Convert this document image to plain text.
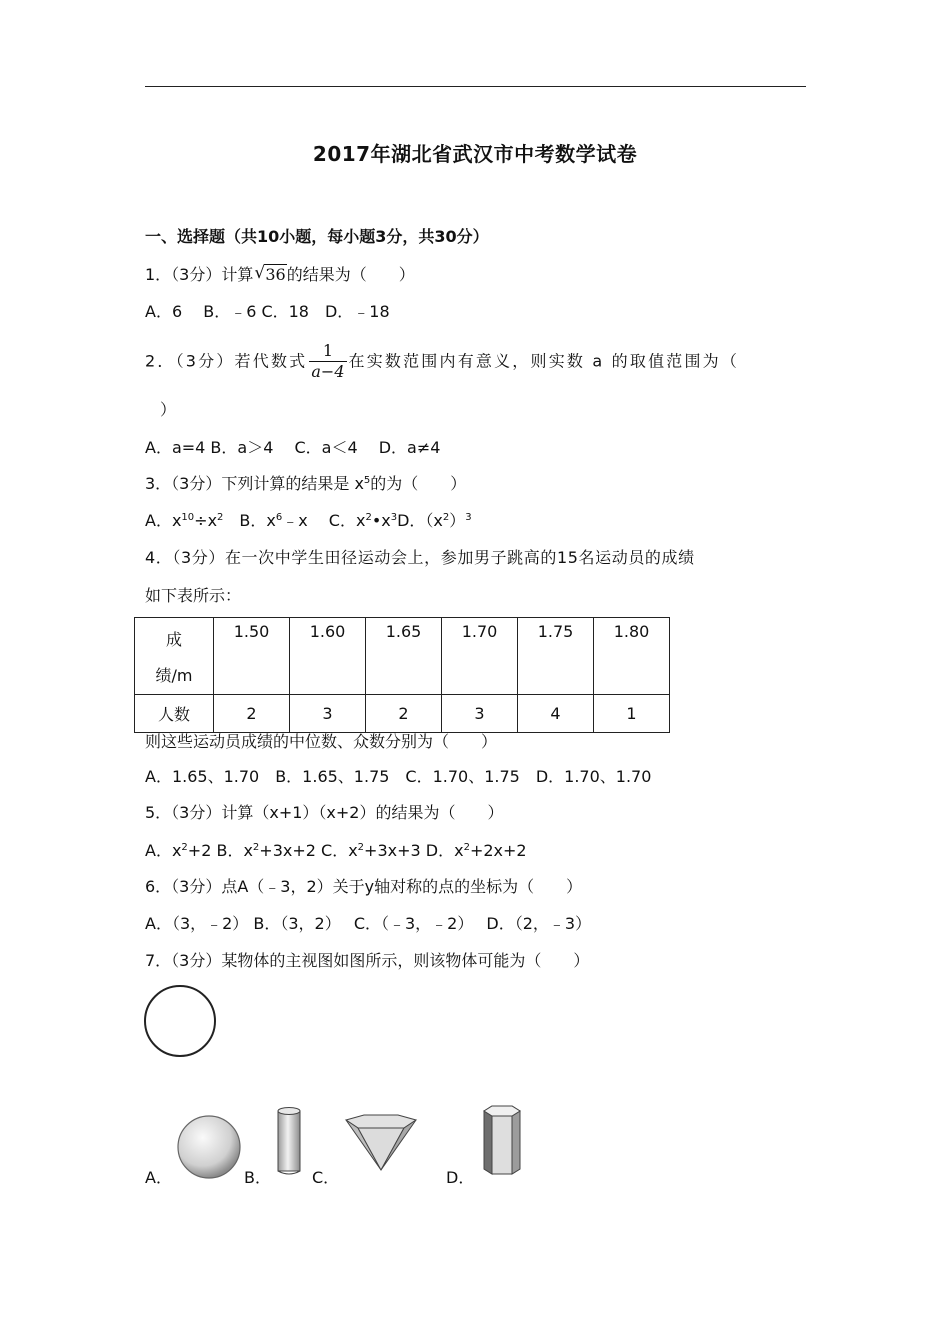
2017年湖北省武汉市中考数学试卷
一、选择题（共10小题，每小题3分，共30分）
1．（3分）计算 √ 36的结果为（　　）
A．6　 B．﹣6 C．18　D．﹣18
2．（3分）若代数式 $\frac{1}{a-4}$ 在实数范围内有意义，则实数 a 的取值范围为（
）
A．a=4 B．a＞4　 C．a＜4　 D．a≠4
3．（3分）下列计算的结果是 $x^5$的为（　　）
A．$x^{10}\div x^2$　B．$x^6﹣x$　 C．$x^2•x^3D$．$(x^2)^3$
4．（3分）在一次中学生田径运动会上，参加男子跳高的15名运动员的成绩
如下表所示：
成
绩/m	1.50	1.60	1.65	1.70	1.75	1.80
人数	2	3	2	3	4	1
则这些运动员成绩的中位数、众数分别为（　　）
A．1.65、1.70　B．1.65、1.75　C．1.70、1.75　D．1.70、1.70
5．（3分）计算（x+1）（x+2）的结果为（　　）
A．$x^2+2$ B．$x^2+3x+2$ C．$x^2+3x+3$ D．$x^2+2x+2$
6．（3分）点A（﹣3，2）关于y轴对称的点的坐标为（　　）
A．（3，﹣2） B．（3，2）　 C．（﹣3，﹣2）　 D．（2，﹣3）
7．（3分）某物体的主视图如图所示，则该物体可能为（　　）
A．	B．	C．	D．
